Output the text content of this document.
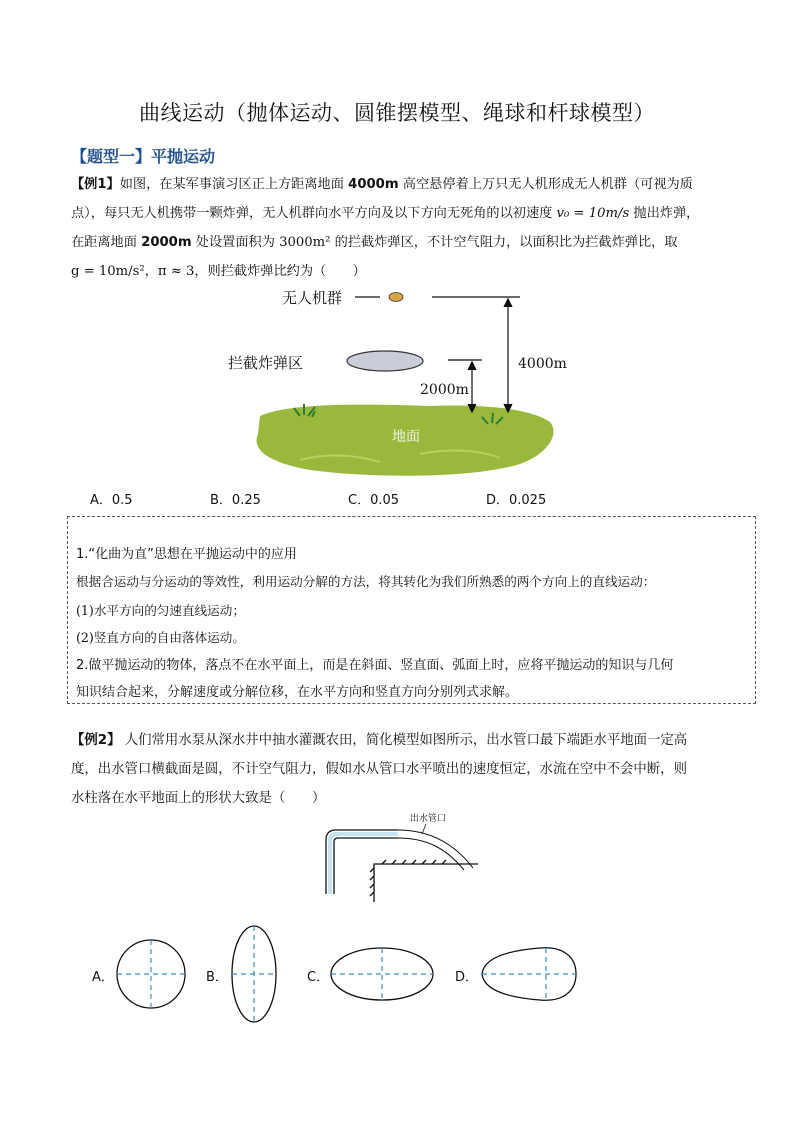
曲线运动（抛体运动、圆锥摆模型、绳球和杆球模型）
【题型一】平抛运动
【例1】如图，在某军事演习区正上方距离地面 4000m 高空悬停着上万只无人机形成无人机群（可视为质
点），每只无人机携带一颗炸弹，无人机群向水平方向及以下方向无死角的以初速度 v₀ = 10m/s 抛出炸弹，
在距离地面 2000m 处设置面积为 3000m² 的拦截炸弹区，不计空气阻力，以面积比为拦截炸弹比，取
g = 10m/s²，π ≈ 3，则拦截炸弹比约为（　　）
无人机群
拦截炸弹区
2000m
4000m
地面
A．0.5	B．0.25	C．0.05	D．0.025
1.“化曲为直”思想在平抛运动中的应用
根据合运动与分运动的等效性，利用运动分解的方法，将其转化为我们所熟悉的两个方向上的直线运动：
(1)水平方向的匀速直线运动；
(2)竖直方向的自由落体运动。
2.做平抛运动的物体，落点不在水平面上，而是在斜面、竖直面、弧面上时，应将平抛运动的知识与几何
知识结合起来，分解速度或分解位移，在水平方向和竖直方向分别列式求解。
【例2】 人们常用水泵从深水井中抽水灌溉农田，简化模型如图所示，出水管口最下端距水平地面一定高
度，出水管口横截面是圆，不计空气阻力，假如水从管口水平喷出的速度恒定，水流在空中不会中断，则
水柱落在水平地面上的形状大致是（　　）
出水管口
A．	B．	C．	D．
